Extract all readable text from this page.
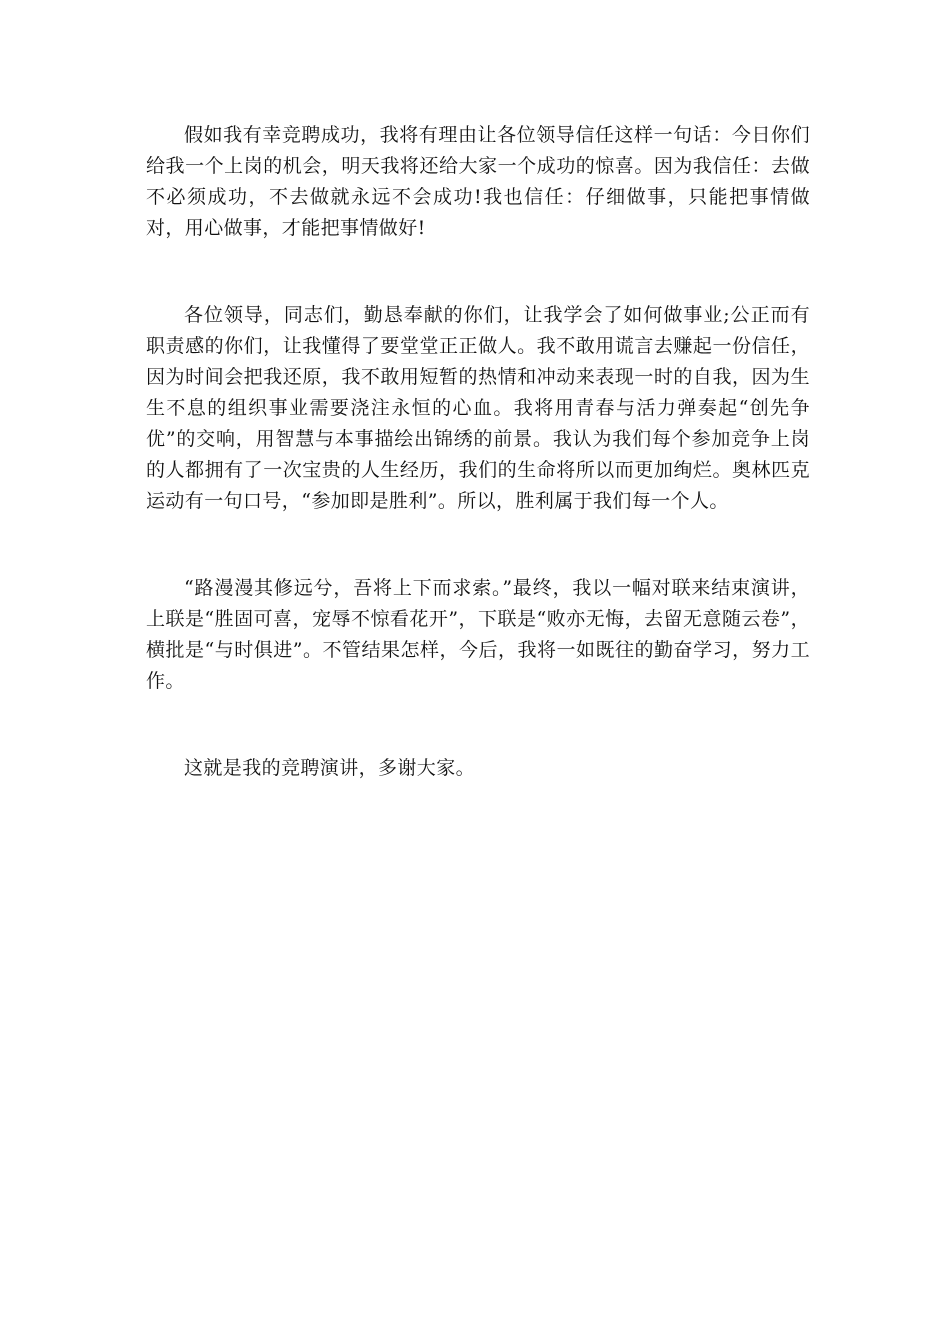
假如我有幸竞聘成功，我将有理由让各位领导信任这样一句话：今日你们给我一个上岗的机会，明天我将还给大家一个成功的惊喜。因为我信任：去做不必须成功，不去做就永远不会成功!我也信任：仔细做事，只能把事情做对，用心做事，才能把事情做好!

各位领导，同志们，勤恳奉献的你们，让我学会了如何做事业;公正而有职责感的你们，让我懂得了要堂堂正正做人。我不敢用谎言去赚起一份信任，因为时间会把我还原，我不敢用短暂的热情和冲动来表现一时的自我，因为生生不息的组织事业需要浇注永恒的心血。我将用青春与活力弹奏起“创先争优”的交响，用智慧与本事描绘出锦绣的前景。我认为我们每个参加竞争上岗的人都拥有了一次宝贵的人生经历，我们的生命将所以而更加绚烂。奥林匹克运动有一句口号，“参加即是胜利”。所以，胜利属于我们每一个人。

“路漫漫其修远兮，吾将上下而求索。”最终，我以一幅对联来结束演讲，上联是“胜固可喜，宠辱不惊看花开”，下联是“败亦无悔，去留无意随云卷”，横批是“与时俱进”。不管结果怎样，今后，我将一如既往的勤奋学习，努力工作。

这就是我的竞聘演讲，多谢大家。
